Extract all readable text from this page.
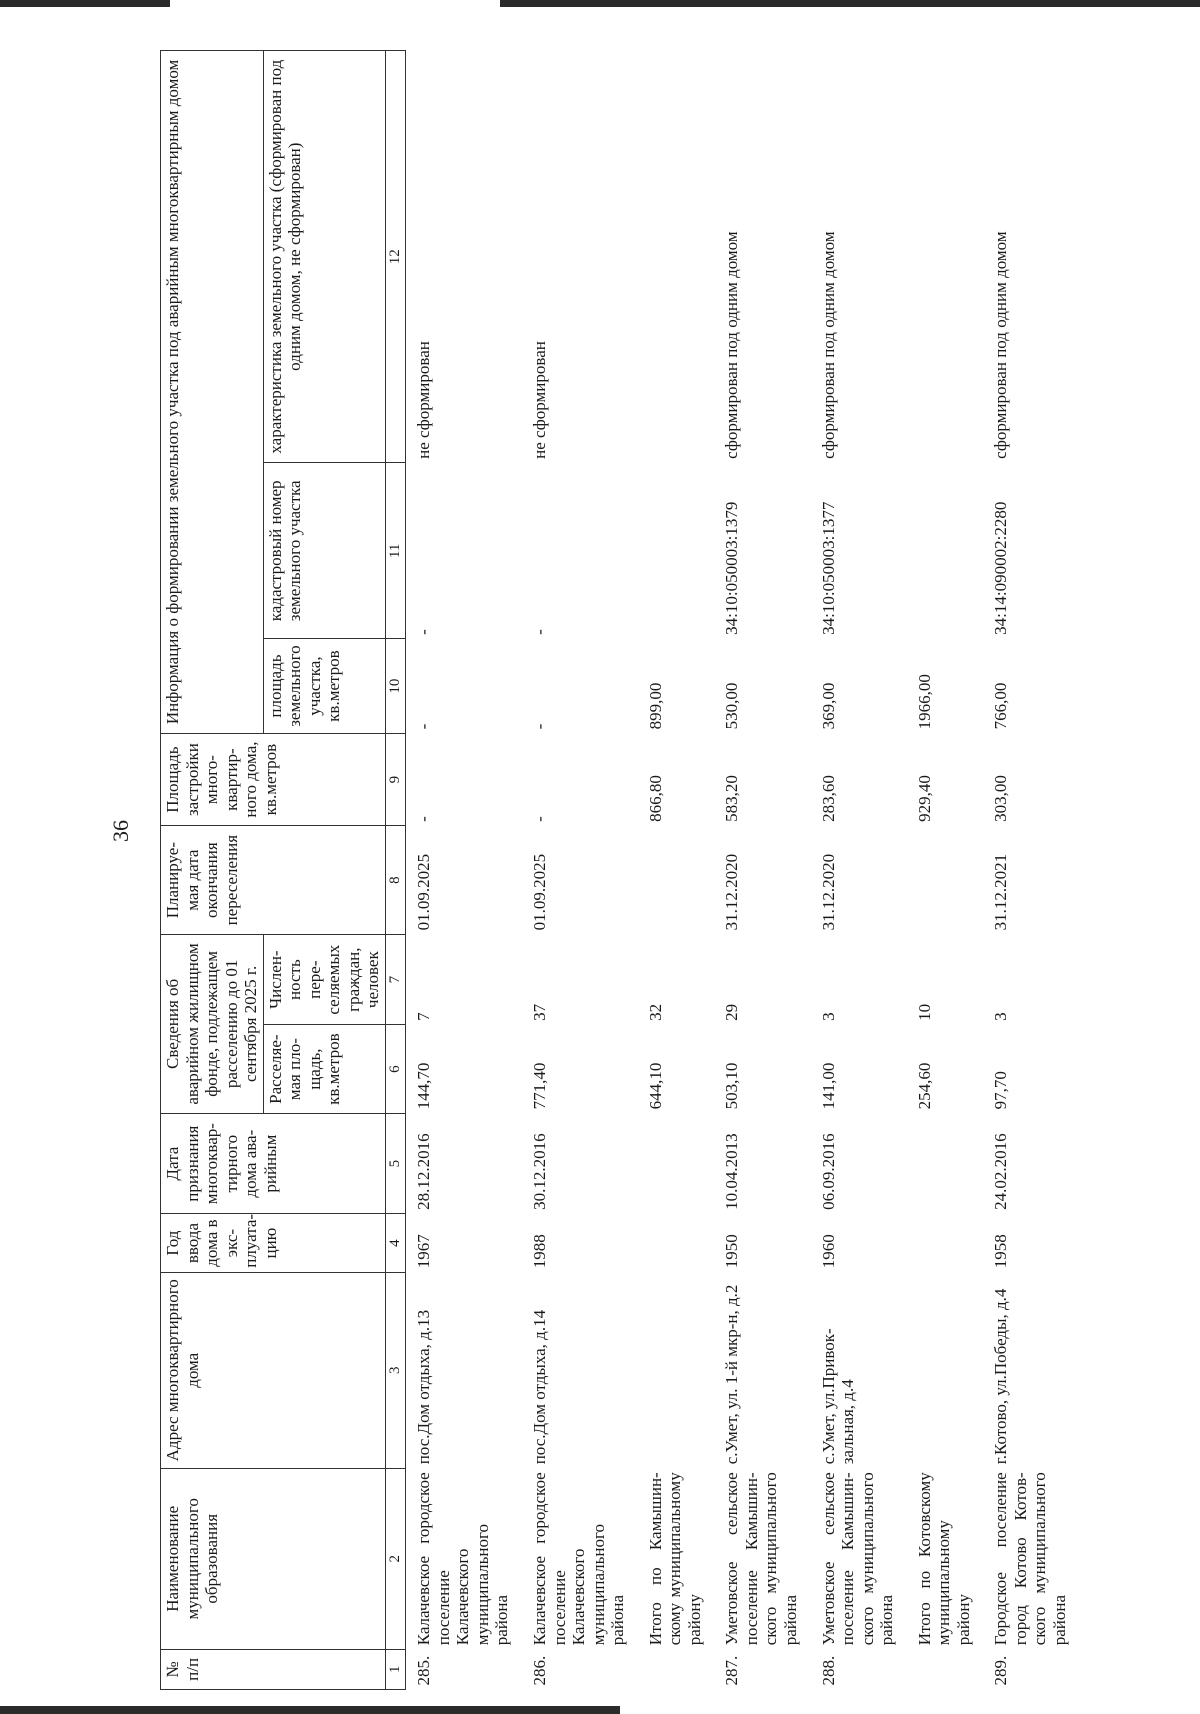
36
№ п/п	Наименование муниципального образования	Адрес многоквартирного дома	Год ввода дома в экс-плуата-цию	Дата признания многоквар-тирного дома ава-рийным	Сведения об аварийном жилищном фонде, подлежащем расселению до 01 сентября 2025 г.		Планируе-мая дата окончания переселения	Площадь застройки много-квартир-ного дома, кв.метров	Информация о формировании земельного участка под аварийным многоквартирным домом		
					Расселяе-мая пло-щадь, кв.метров	Числен-ность пере-селяемых граждан, человек			площадь земельного участка, кв.метров	кадастровый номер земельного участка	характеристика земельного участка (сформирован под одним домом, не сформирован)
1	2	3	4	5	6	7	8	9	10	11	12
285.	Калачевское городское поселение Калачевского муниципального района	пос.Дом отдыха, д.13	1967	28.12.2016	144,70	7	01.09.2025	-	-	-	не сформирован
286.	Калачевское городское поселение Калачевского муниципального района	пос.Дом отдыха, д.14	1988	30.12.2016	771,40	37	01.09.2025	-	-	-	не сформирован
	Итого по Камышин-скому муниципальному району				644,10	32		866,80	899,00		
287.	Уметовское сельское поселение Камышин-ского муниципального района	с.Умет, ул. 1-й мкр-н, д.2	1950	10.04.2013	503,10	29	31.12.2020	583,20	530,00	34:10:050003:1379	сформирован под одним домом
288.	Уметовское сельское поселение Камышин-ского муниципального района	с.Умет, ул.Привок-зальная, д.4	1960	06.09.2016	141,00	3	31.12.2020	283,60	369,00	34:10:050003:1377	сформирован под одним домом
	Итого по Котовскому муниципальному району				254,60	10		929,40	1966,00		
289.	Городское поселение город Котово Котов-ского муниципального района	г.Котово, ул.Победы, д.4	1958	24.02.2016	97,70	3	31.12.2021	303,00	766,00	34:14:090002:2280	сформирован под одним домом
